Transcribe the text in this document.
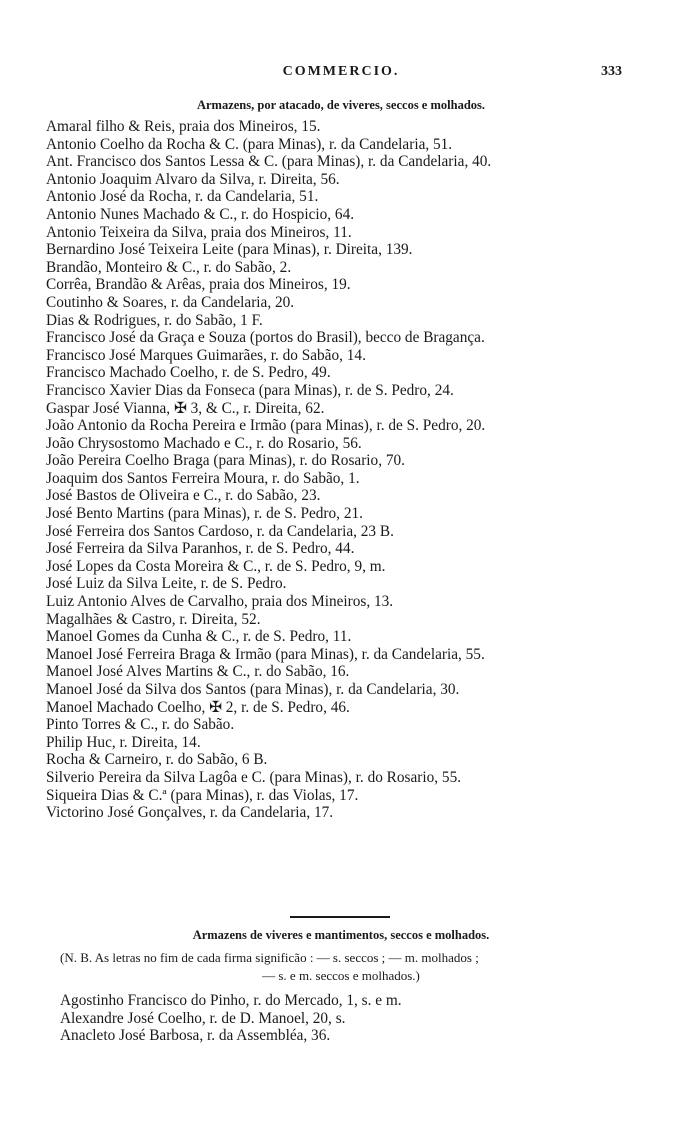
COMMERCIO.	333
Armazens, por atacado, de viveres, seccos e molhados.
Amaral filho & Reis, praia dos Mineiros, 15.
Antonio Coelho da Rocha & C. (para Minas), r. da Candelaria, 51.
Ant. Francisco dos Santos Lessa & C. (para Minas), r. da Candelaria, 40.
Antonio Joaquim Alvaro da Silva, r. Direita, 56.
Antonio José da Rocha, r. da Candelaria, 51.
Antonio Nunes Machado & C., r. do Hospicio, 64.
Antonio Teixeira da Silva, praia dos Mineiros, 11.
Bernardino José Teixeira Leite (para Minas), r. Direita, 139.
Brandão, Monteiro & C., r. do Sabão, 2.
Corrêa, Brandão & Arêas, praia dos Mineiros, 19.
Coutinho & Soares, r. da Candelaria, 20.
Dias & Rodrigues, r. do Sabão, 1 F.
Francisco José da Graça e Souza (portos do Brasil), becco de Bragança.
Francisco José Marques Guimarães, r. do Sabão, 14.
Francisco Machado Coelho, r. de S. Pedro, 49.
Francisco Xavier Dias da Fonseca (para Minas), r. de S. Pedro, 24.
Gaspar José Vianna, ✠ 3, & C., r. Direita, 62.
João Antonio da Rocha Pereira e Irmão (para Minas), r. de S. Pedro, 20.
João Chrysostomo Machado e C., r. do Rosario, 56.
João Pereira Coelho Braga (para Minas), r. do Rosario, 70.
Joaquim dos Santos Ferreira Moura, r. do Sabão, 1.
José Bastos de Oliveira e C., r. do Sabão, 23.
José Bento Martins (para Minas), r. de S. Pedro, 21.
José Ferreira dos Santos Cardoso, r. da Candelaria, 23 B.
José Ferreira da Silva Paranhos, r. de S. Pedro, 44.
José Lopes da Costa Moreira & C., r. de S. Pedro, 9, m.
José Luiz da Silva Leite, r. de S. Pedro.
Luiz Antonio Alves de Carvalho, praia dos Mineiros, 13.
Magalhães & Castro, r. Direita, 52.
Manoel Gomes da Cunha & C., r. de S. Pedro, 11.
Manoel José Ferreira Braga & Irmão (para Minas), r. da Candelaria, 55.
Manoel José Alves Martins & C., r. do Sabão, 16.
Manoel José da Silva dos Santos (para Minas), r. da Candelaria, 30.
Manoel Machado Coelho, ✠ 2, r. de S. Pedro, 46.
Pinto Torres & C., r. do Sabão.
Philip Huc, r. Direita, 14.
Rocha & Carneiro, r. do Sabão, 6 B.
Silverio Pereira da Silva Lagôa e C. (para Minas), r. do Rosario, 55.
Siqueira Dias & C.ª (para Minas), r. das Violas, 17.
Victorino José Gonçalves, r. da Candelaria, 17.
Armazens de viveres e mantimentos, seccos e molhados.
(N. B. As letras no fim de cada firma significão : — s. seccos ; — m. molhados ;
— s. e m. seccos e molhados.)
Agostinho Francisco do Pinho, r. do Mercado, 1, s. e m.
Alexandre José Coelho, r. de D. Manoel, 20, s.
Anacleto José Barbosa, r. da Assembléa, 36.
